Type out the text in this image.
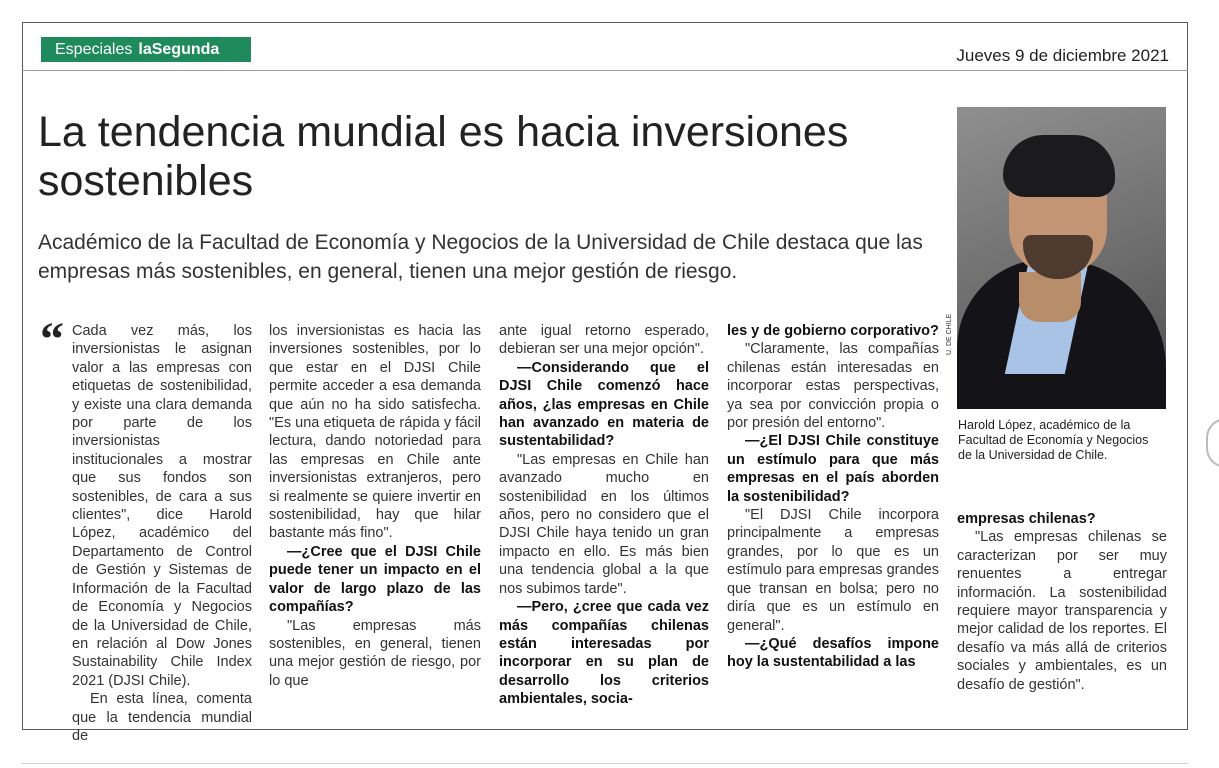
Especiales laSegunda	Jueves 9 de diciembre 2021
La tendencia mundial es hacia inversiones sostenibles

Académico de la Facultad de Economía y Negocios de la Universidad de Chile destaca que las empresas más sostenibles, en general, tienen una mejor gestión de riesgo.

U. DE CHILE
Harold López, académico de la Facultad de Economía y Negocios de la Universidad de Chile.
“ Cada vez más, los inversionistas le asignan valor a las empresas con etiquetas de sostenibilidad, y existe una clara demanda por parte de los inversionistas institucionales a mostrar que sus fondos son sostenibles, de cara a sus clientes", dice Harold López, académico del Departamento de Control de Gestión y Sistemas de Información de la Facultad de Economía y Negocios de la Universidad de Chile, en relación al Dow Jones Sustainability Chile Index 2021 (DJSI Chile).

En esta línea, comenta que la tendencia mundial de

los inversionistas es hacia las inversiones sostenibles, por lo que estar en el DJSI Chile permite acceder a esa demanda que aún no ha sido satisfecha. "Es una etiqueta de rápida y fácil lectura, dando notoriedad para las empresas en Chile ante inversionistas extranjeros, pero si realmente se quiere invertir en sostenibilidad, hay que hilar bastante más fino".

—¿Cree que el DJSI Chile puede tener un impacto en el valor de largo plazo de las compañías?

"Las empresas más sostenibles, en general, tienen una mejor gestión de riesgo, por lo que

ante igual retorno esperado, debieran ser una mejor opción".

—Considerando que el DJSI Chile comenzó hace años, ¿las empresas en Chile han avanzado en materia de sustentabilidad?

"Las empresas en Chile han avanzado mucho en sostenibilidad en los últimos años, pero no considero que el DJSI Chile haya tenido un gran impacto en ello. Es más bien una tendencia global a la que nos subimos tarde".

—Pero, ¿cree que cada vez más compañías chilenas están interesadas por incorporar en su plan de desarrollo los criterios ambientales, socia-

les y de gobierno corporativo?

"Claramente, las compañías chilenas están interesadas en incorporar estas perspectivas, ya sea por convicción propia o por presión del entorno".

—¿El DJSI Chile constituye un estímulo para que más empresas en el país aborden la sostenibilidad?

"El DJSI Chile incorpora principalmente a empresas grandes, por lo que es un estímulo para empresas grandes que transan en bolsa; pero no diría que es un estímulo en general".

—¿Qué desafíos impone hoy la sustentabilidad a las

empresas chilenas?

"Las empresas chilenas se caracterizan por ser muy renuentes a entregar información. La sostenibilidad requiere mayor transparencia y mejor calidad de los reportes. El desafío va más allá de criterios sociales y ambientales, es un desafío de gestión".
